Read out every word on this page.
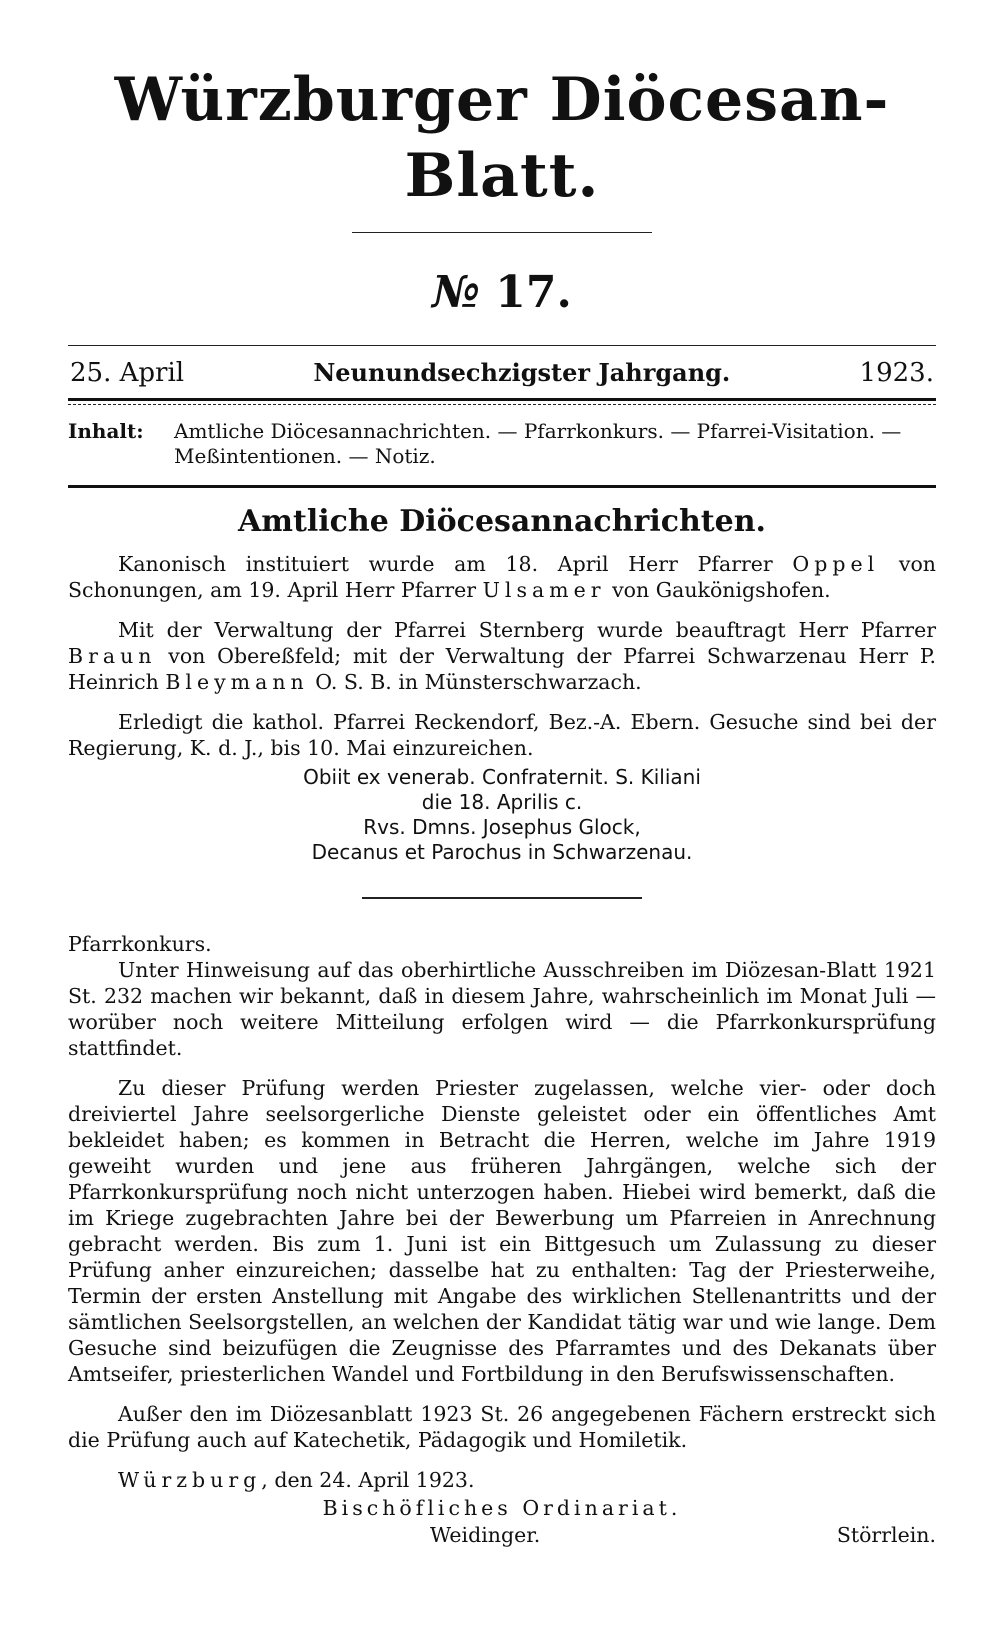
Würzburger Diöcesan-Blatt.
№ 17.
25. April	Neunundsechzigster Jahrgang.	1923.
Inhalt:	Amtliche Diöcesannachrichten. — Pfarrkonkurs. — Pfarrei-Visitation. — Meßintentionen. — Notiz.
Amtliche Diöcesannachrichten.

Kanonisch instituiert wurde am 18. April Herr Pfarrer Oppel von Schonungen, am 19. April Herr Pfarrer Ulsamer von Gaukönigshofen.

Mit der Verwaltung der Pfarrei Sternberg wurde beauftragt Herr Pfarrer Braun von Obereßfeld; mit der Verwaltung der Pfarrei Schwarzenau Herr P. Heinrich Bleymann O. S. B. in Münsterschwarzach.

Erledigt die kathol. Pfarrei Reckendorf, Bez.-A. Ebern. Gesuche sind bei der Regierung, K. d. J., bis 10. Mai einzureichen.

Obiit ex venerab. Confraternit. S. Kiliani
die 18. Aprilis c.
Rvs. Dmns. Josephus Glock,
Decanus et Parochus in Schwarzenau.
Pfarrkonkurs.

Unter Hinweisung auf das oberhirtliche Ausschreiben im Diözesan-Blatt 1921 St. 232 machen wir bekannt, daß in diesem Jahre, wahrscheinlich im Monat Juli — worüber noch weitere Mitteilung erfolgen wird — die Pfarrkonkursprüfung stattfindet.

Zu dieser Prüfung werden Priester zugelassen, welche vier- oder doch dreiviertel Jahre seelsorgerliche Dienste geleistet oder ein öffentliches Amt bekleidet haben; es kommen in Betracht die Herren, welche im Jahre 1919 geweiht wurden und jene aus früheren Jahrgängen, welche sich der Pfarrkonkursprüfung noch nicht unterzogen haben. Hiebei wird bemerkt, daß die im Kriege zugebrachten Jahre bei der Bewerbung um Pfarreien in Anrechnung gebracht werden. Bis zum 1. Juni ist ein Bittgesuch um Zulassung zu dieser Prüfung anher einzureichen; dasselbe hat zu enthalten: Tag der Priesterweihe, Termin der ersten Anstellung mit Angabe des wirklichen Stellenantritts und der sämtlichen Seelsorgstellen, an welchen der Kandidat tätig war und wie lange. Dem Gesuche sind beizufügen die Zeugnisse des Pfarramtes und des Dekanats über Amtseifer, priesterlichen Wandel und Fortbildung in den Berufswissenschaften.

Außer den im Diözesanblatt 1923 St. 26 angegebenen Fächern erstreckt sich die Prüfung auch auf Katechetik, Pädagogik und Homiletik.

Würzburg, den 24. April 1923.

Bischöfliches Ordinariat.
Weidinger.	Störrlein.
